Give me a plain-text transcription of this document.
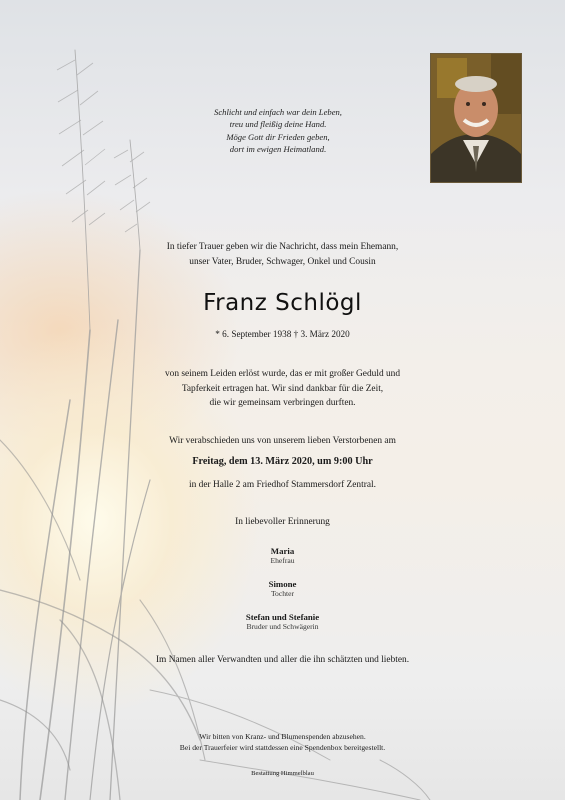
Schlicht und einfach war dein Leben,
treu und fleißig deine Hand.
Möge Gott dir Frieden geben,
dort im ewigen Heimatland.
In tiefer Trauer geben wir die Nachricht, dass mein Ehemann,
unser Vater, Bruder, Schwager, Onkel und Cousin
Franz Schlögl
* 6. September 1938 † 3. März 2020
von seinem Leiden erlöst wurde, das er mit großer Geduld und
Tapferkeit ertragen hat. Wir sind dankbar für die Zeit,
die wir gemeinsam verbringen durften.
Wir verabschieden uns von unserem lieben Verstorbenen am
Freitag, dem 13. März 2020, um 9:00 Uhr
in der Halle 2 am Friedhof Stammersdorf Zentral.
In liebevoller Erinnerung
Maria
Ehefrau
Simone
Tochter
Stefan und Stefanie
Bruder und Schwägerin
Im Namen aller Verwandten und aller die ihn schätzten und liebten.
Wir bitten von Kranz- und Blumenspenden abzusehen.
Bei der Trauerfeier wird stattdessen eine Spendenbox bereitgestellt.
Bestattung Himmelblau
